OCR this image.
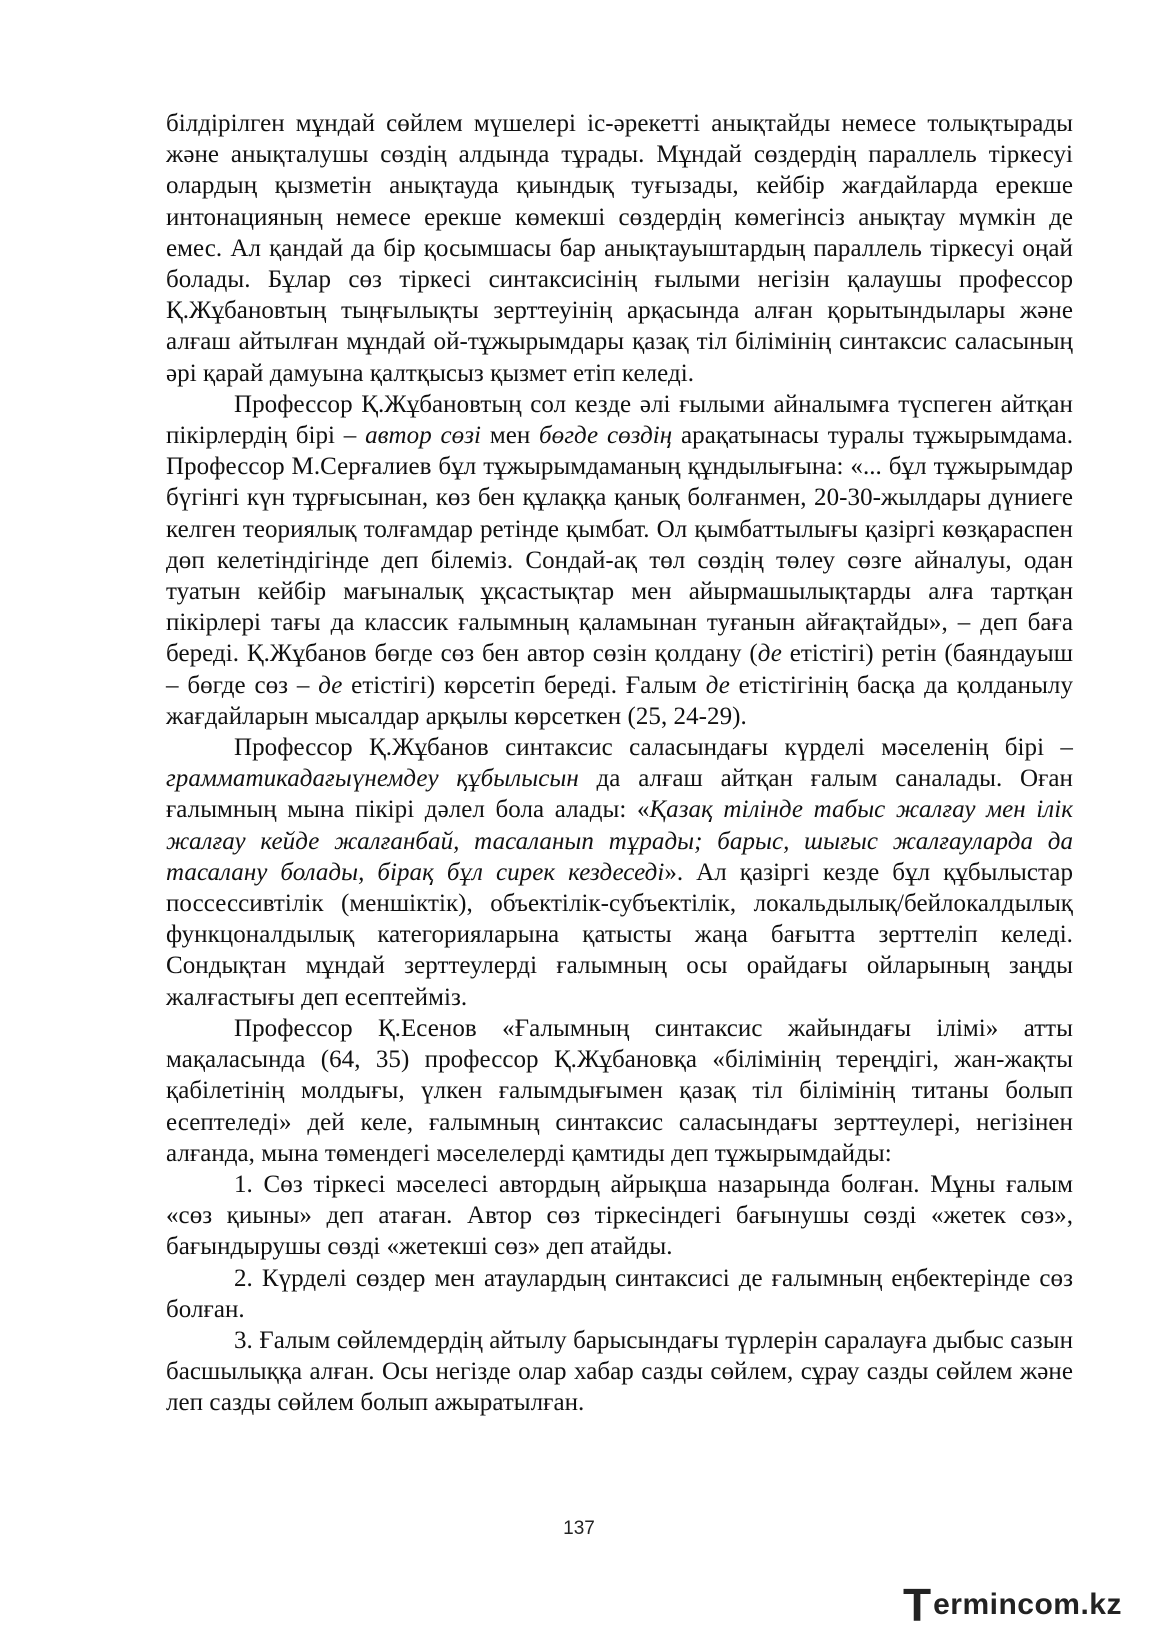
білдірілген мұндай сөйлем мүшелері іс-әрекетті анықтайды немесе толықтырады және анықталушы сөздің алдында тұрады. Мұндай сөздердің параллель тіркесуі олардың қызметін анықтауда қиындық туғызады, кейбір жағдайларда ерекше интонацияның немесе ерекше көмекші сөздердің көмегінсіз анықтау мүмкін де емес. Ал қандай да бір қосымшасы бар анықтауыштардың параллель тіркесуі оңай болады. Бұлар сөз тіркесі синтаксисінің ғылыми негізін қалаушы профессор Қ.Жұбановтың тыңғылықты зерттеуінің арқасында алған қорытындылары және алғаш айтылған мұндай ой-тұжырымдары қазақ тіл білімінің синтаксис саласының әрі қарай дамуына қалтқысыз қызмет етіп келеді.

Профессор Қ.Жұбановтың сол кезде әлі ғылыми айналымға түспеген айтқан пікірлердің бірі – автор сөзі мен бөгде сөздің арақатынасы туралы тұжырымдама. Профессор М.Серғалиев бұл тұжырымдаманың құндылығына: «... бұл тұжырымдар бүгінгі күн тұрғысынан, көз бен құлаққа қанық болғанмен, 20-30-жылдары дүниеге келген теориялық толғамдар ретінде қымбат. Ол қымбаттылығы қазіргі көзқараспен дөп келетіндігінде деп білеміз. Сондай-ақ төл сөздің төлеу сөзге айналуы, одан туатын кейбір мағыналық ұқсастықтар мен айырмашылықтарды алға тартқан пікірлері тағы да классик ғалымның қаламынан туғанын айғақтайды», – деп баға береді. Қ.Жұбанов бөгде сөз бен автор сөзін қолдану (де етістігі) ретін (баяндауыш – бөгде сөз – де етістігі) көрсетіп береді. Ғалым де етістігінің басқа да қолданылу жағдайларын мысалдар арқылы көрсеткен (25, 24-29).

Профессор Қ.Жұбанов синтаксис саласындағы күрделі мәселенің бірі – грамматикадағыүнемдеу құбылысын да алғаш айтқан ғалым саналады. Оған ғалымның мына пікірі дәлел бола алады: «Қазақ тілінде табыс жалғау мен ілік жалғау кейде жалғанбай, тасаланып тұрады; барыс, шығыс жалғауларда да тасалану болады, бірақ бұл сирек кездеседі». Ал қазіргі кезде бұл құбылыстар поссессивтілік (меншіктік), объектілік-субъектілік, локальдылық/бейлокалдылық функцоналдылық категорияларына қатысты жаңа бағытта зерттеліп келеді. Сондықтан мұндай зерттеулерді ғалымның осы орайдағы ойларының заңды жалғастығы деп есептейміз.

Профессор Қ.Есенов «Ғалымның синтаксис жайындағы ілімі» атты мақаласында (64, 35) профессор Қ.Жұбановқа «білімінің тереңдігі, жан-жақты қабілетінің молдығы, үлкен ғалымдығымен қазақ тіл білімінің титаны болып есептеледі» дей келе, ғалымның синтаксис саласындағы зерттеулері, негізінен алғанда, мына төмендегі мәселелерді қамтиды деп тұжырымдайды:

1. Сөз тіркесі мәселесі автордың айрықша назарында болған. Мұны ғалым «сөз қиыны» деп атаған. Автор сөз тіркесіндегі бағынушы сөзді «жетек сөз», бағындырушы сөзді «жетекші сөз» деп атайды.

2. Күрделі сөздер мен атаулардың синтаксисі де ғалымның еңбектерінде сөз болған.

3. Ғалым сөйлемдердің айтылу барысындағы түрлерін саралауға дыбыс сазын басшылыққа алған. Осы негізде олар хабар сазды сөйлем, сұрау сазды сөйлем және леп сазды сөйлем болып ажыратылған.

137
T ermincom.kz
